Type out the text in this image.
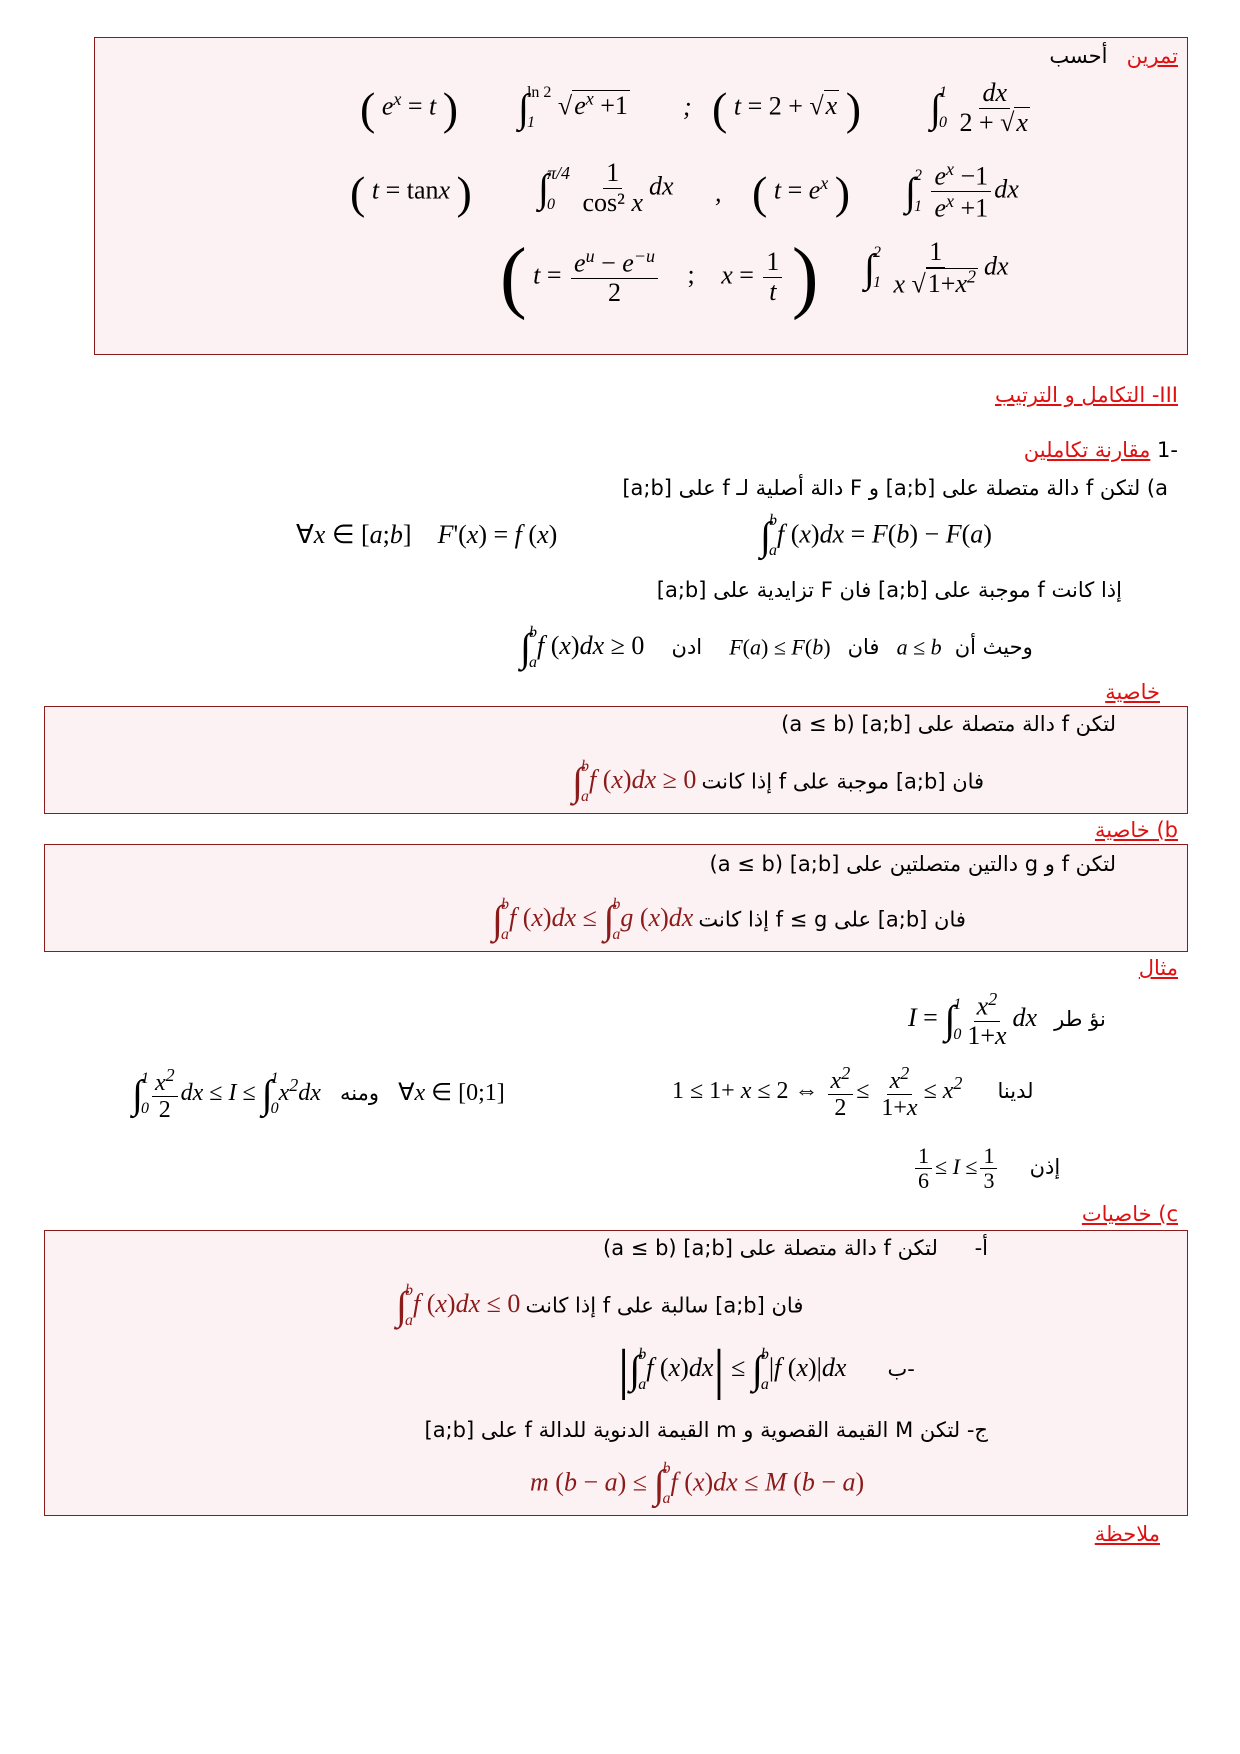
تمرين أحسب
∫
1
0
$\frac{dx}{2 + √x}$
( t = 2 + √x )
;
∫
ln 2
1
$√e^x +1$
( $e^x = t$ )
∫
2
1
$\frac{e^x -1}{e^x +1}$ dx
( $t = e^x$ )
,
∫
π/4
0
$\frac{1}{\text{cos² x}}$ dx
( t = tanx )
∫
2
1
$\frac{1}{x √1+x^2}$ dx
( $t = \frac{e^u - e^{-u}}{2}$ ; $x = \frac{1}{t}$ )
III- التكامل و الترتيب
-1 مقارنة تكاملين
a) لتكن f دالة متصلة على [a;b] و F دالة أصلية لـ f على [a;b]
∫
b
a
f (x)dx = F(b) − F(a)
∀x ∈ [a;b]    F'(x) = f (x)
إذا كانت f موجبة على [a;b] فان F تزايدية على [a;b]
∫
b
a
f (x)dx ≥ 0 ادن F(a) ≤ F(b) فان a ≤ b وحيث أن
خاصية
لتكن f دالة متصلة على [a;b] (a ≤ b)
∫
b
a
f (x)dx ≥ 0 إذا كانت f موجبة على [a;b] فان
b) خاصية
لتكن f و g دالتين متصلتين على [a;b] (a ≤ b)
∫
b
a
f (x)dx ≤ ∫
b
a
g (x)dx إذا كانت f ≤ g على [a;b] فان
مثال
I = ∫
1
$0 \frac{x^2}{1+x}$ dx نؤ طر
1 ≤ 1+ x ≤ 2 ⇔ $\frac{x^2}{2} \le \frac{x^2}{1+x} \le x^2$ لدينا
∫
1
$0 \frac{x^2}{2}$ dx ≤ I ≤ ∫
1
0
$x^2dx$ ومنه ∀x ∈ [0;1]
$\frac{1}{6} \le I \le \frac{1}{3}$ إذن
c) خاصيات
أ- لتكن f دالة متصلة على [a;b] (a ≤ b)
∫
b
a
f (x)dx ≤ 0 إذا كانت f سالبة على [a;b] فان
|∫
b
a
f (x)dx| ≤ ∫
b
a
|f (x)|dx ب-
ج- لتكن M القيمة القصوية و m القيمة الدنوية للدالة f على [a;b]
m (b − a) ≤ ∫
b
a
f (x)dx ≤ M (b − a)
ملاحظة
